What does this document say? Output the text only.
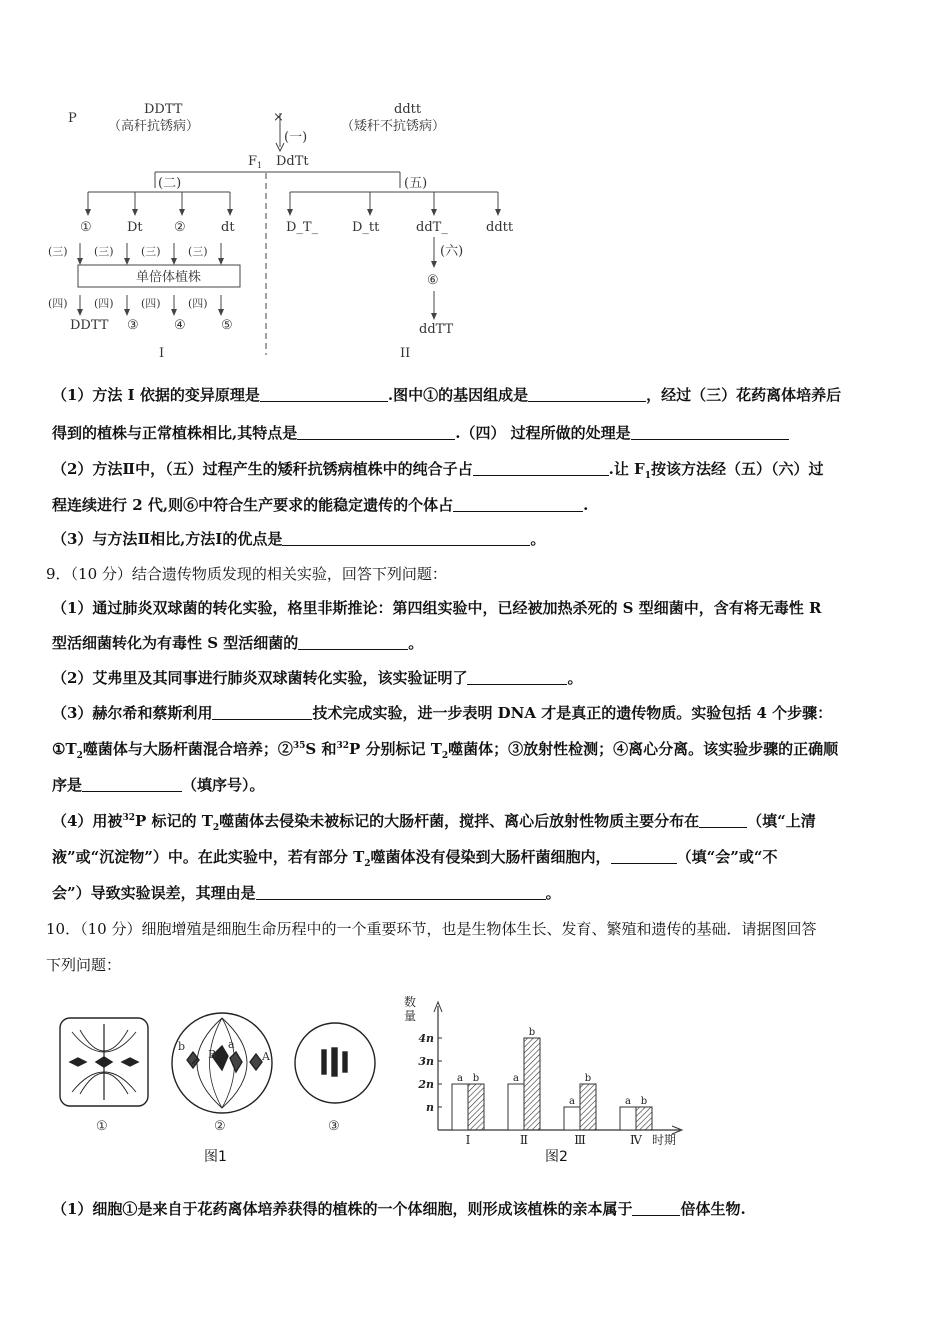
P
DDTT
（高秆抗锈病）
×
ddtt
（矮秆不抗锈病）
(一)
F 1 DdTt
(二)	(五)
①	Dt ②	dt
(三) (三) (三) (三)
单倍体植株
(四) (四) (四) (四)
DDTT ③	④	⑤
D_T_	D_tt	ddT_	ddtt
(六)
⑥
ddTT
I	II
（1）方法 I 依据的变异原理是	.图中①的基因组成是	，经过（三）花药离体培养后
得到的植株与正常植株相比,其特点是	.（四） 过程所做的处理是
（2）方法Ⅱ中，（五）过程产生的矮秆抗锈病植株中的纯合子占	.让 $F_1$按该方法经（五）（六）过
程连续进行 2 代,则⑥中符合生产要求的能稳定遗传的个体占	.
（3）与方法Ⅱ相比,方法Ⅰ的优点是	。
9．（10 分）结合遗传物质发现的相关实验，回答下列问题：
（1）通过肺炎双球菌的转化实验，格里非斯推论：第四组实验中，已经被加热杀死的 S 型细菌中，含有将无毒性 R
型活细菌转化为有毒性 S 型活细菌的	。
（2）艾弗里及其同事进行肺炎双球菌转化实验，该实验证明了	。
（3）赫尔希和蔡斯利用	技术完成实验，进一步表明 DNA 才是真正的遗传物质。实验包括 4 个步骤：
$①T_2$噬菌体与大肠杆菌混合培养；②$^{35}$S 和$^{32}$P 分别标记 $T_2$噬菌体；③放射性检测；④离心分离。该实验步骤的正确顺
序是	（填序号）。
（4）用被$^{32}$P 标记的 $T_2$噬菌体去侵染未被标记的大肠杆菌，搅拌、离心后放射性物质主要分布在	（填“上清
液”或“沉淀物”）中。在此实验中，若有部分 $T_2$噬菌体没有侵染到大肠杆菌细胞内，	（填“会”或“不
会”）导致实验误差，其理由是	。
10．（10 分）细胞增殖是细胞生命历程中的一个重要环节，也是生物体生长、发育、繁殖和遗传的基础．请据图回答
下列问题：
b
B
a
A
①	②	③
图1
数
量
n
2n
3n
4n
a b
Ⅰ
a
b
Ⅱ
a
b
Ⅲ
a b
Ⅳ 时期
图2
（1）细胞①是来自于花药离体培养获得的植株的一个体细胞，则形成该植株的亲本属于	倍体生物.
